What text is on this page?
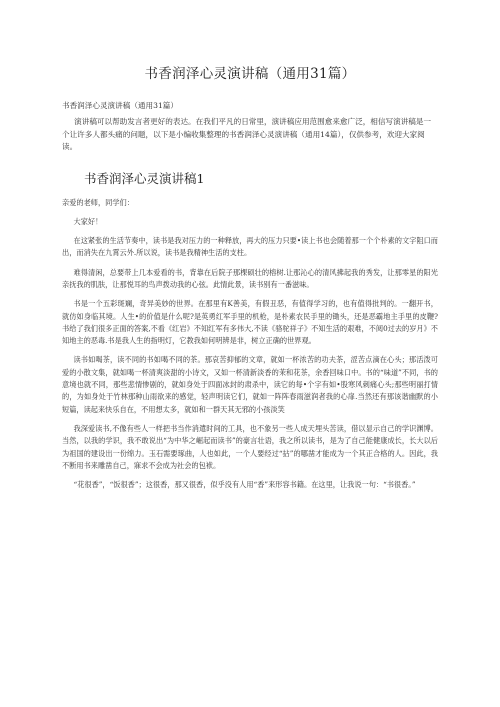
书香润泽心灵演讲稿（通用31篇）
书香润泽心灵演讲稿（通用31篇）

演讲稿可以帮助发言者更好的表达。在我们平凡的日常里，演讲稿应用范围愈来愈广泛，相信写演讲稿是一个让许多人都头痛的问题，以下是小编收集整理的书香润泽心灵演讲稿（通用14篇），仅供参考，欢迎大家阅读。

书香润泽心灵演讲稿1

亲爱的老师，同学们：

大家好！

在这紧张的生活节奏中，读书是我对压力的一种释放，再大的压力只要•读上书也会随着那一个个朴素的文字阻口而出，而消失在九霄云外.所以说，读书是我精神生活的支柱。

难得清闲，总要带上几本爱看的书，背靠在后院子那棵硕壮的榕树.让那沁心的清风拂起我的秀发，让那零星的阳光亲抚我的肌肤，让那悦耳的鸟声拨动我的心弦。此情此景，读书别有一番滋味。

书是一个五彩斑斓，奇异美妙的世界。在那里有K善美，有假丑恶，有值得学习的，也有值得批判的。一翻开书，就仿如身临其境。人生•的价值是什么呢?是英勇红军手里的机枪，是朴素农民手里的锄头，还是恶霸地主手里的皮鞭?书给了我们很多正面的答案,不看《红岩》不知红军有多伟大,不读《骆驼祥子》不知生活的艰难，不阅0过去的岁月》不知地主的恶毒.书是我人生的指明灯，它教我如何明辨是非，树立正确的世界观。

读书如喝茶，读不同的书如喝不同的茶。那哀苦抑郁的文章，就如一杯浓苦的功夫茶，涩苦点滴在心头；那活泼可爱的小散文集，就如喝一杯清爽淡甜的小诗文，又如一杯清新淡香的茉和花茶，余香回味口中。书的“味道”不同，书的意境也就不同，那些悲情惨剧的，就如身处于四面冰封的肃杀中，读它的每•个字有如•股寒风刺痛心头;那些明丽打情的，为如身处于竹林那种山雨欲来的感觉，轻声明读它们，就如一阵阵春雨滋润者我的心扉.当然还有那该谐幽默的小短篇，读起来快乐自在，不用想太多，就如和一群天其无邪的小孩淡笑

我深爱读书,不像有些人一样把书当作消遣时间的工具，也不象另一些人成天埋头苦读，借以显示自己的学识渊博。当然，以我的学识，我不敢说出“为中华之崛起而读书”的豪言壮语，我之所以读书，是为了自己能健康成长，长大以后为祖国的建设出一份绵力。玉石需要琢曲，人也如此，一个人要经过“拈”的哪凿才能成为一个其正合格的人。因此，我不断用书来雕凿自己，寐求不会成为社会的包袱。

“花很香”，“饭很香”；这很香，那又很香，似乎没有人用“香”来形容书籍。在这里，让我说一句：“书很香。”
